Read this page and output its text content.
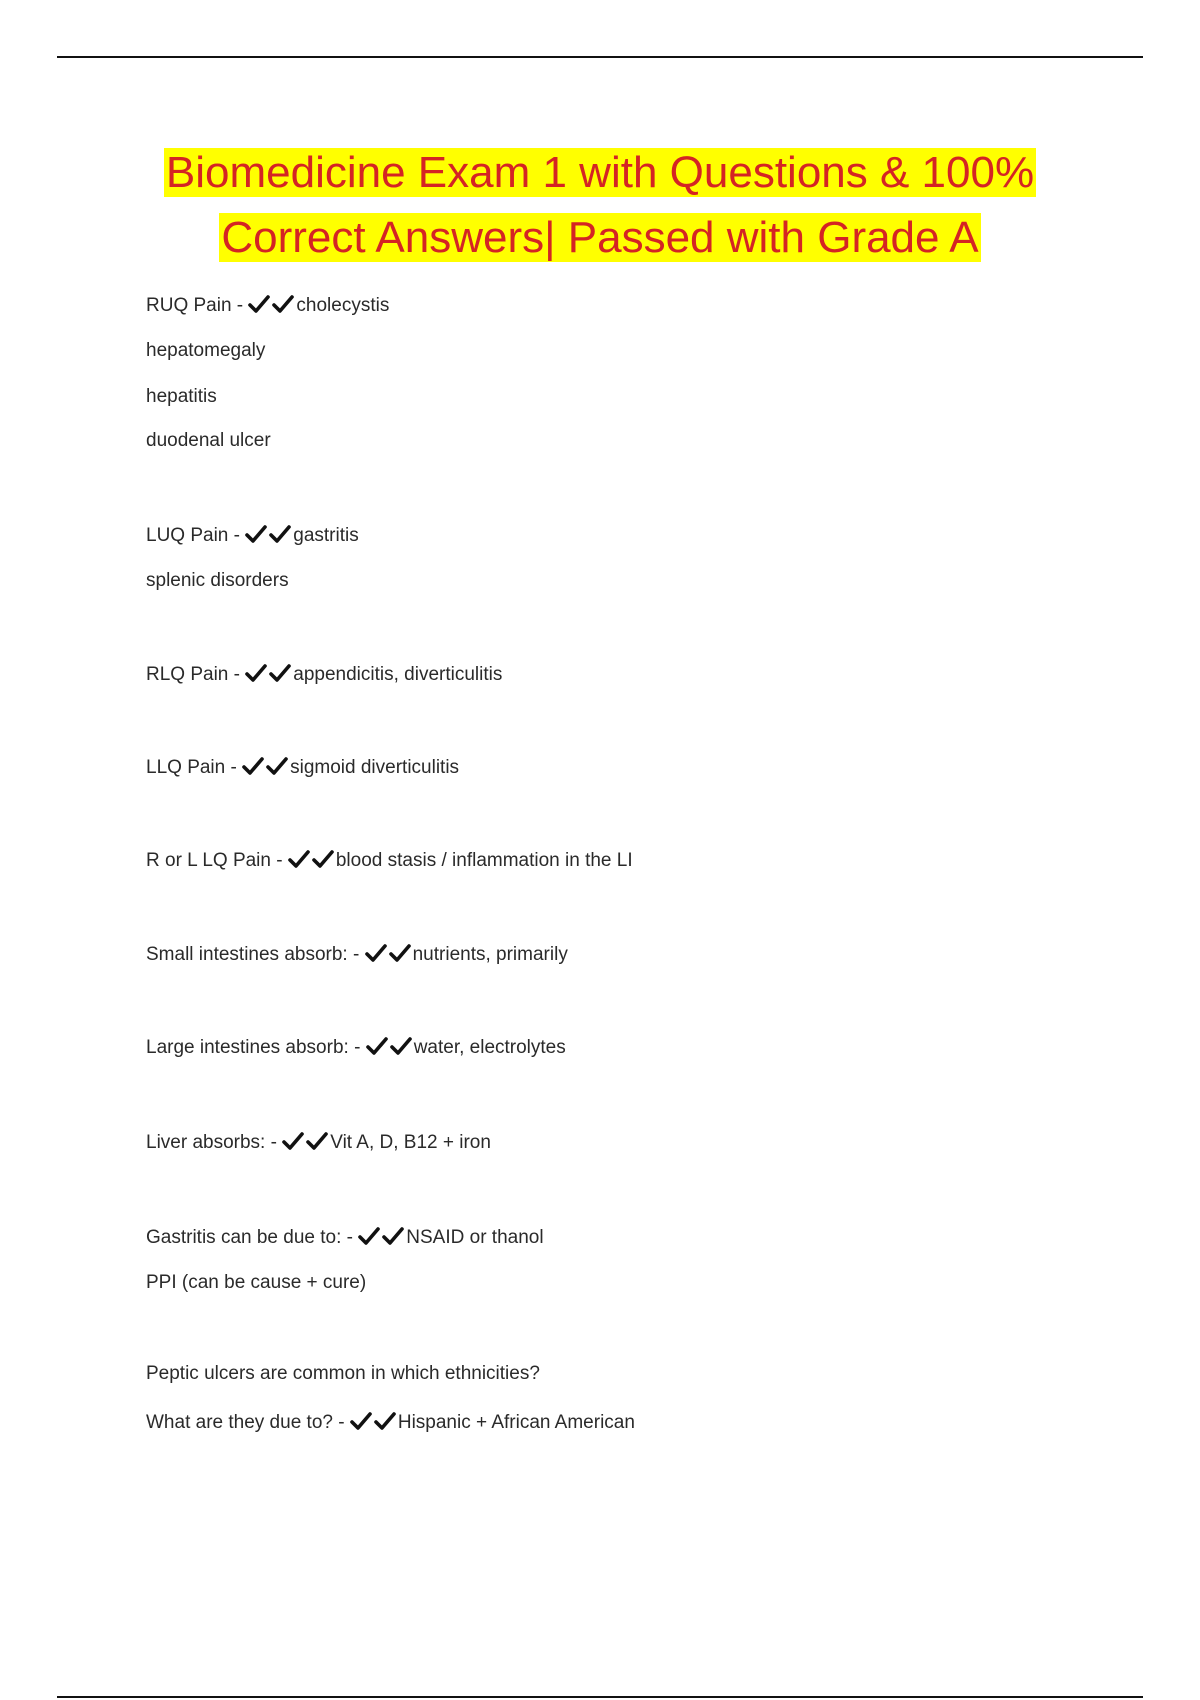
Biomedicine Exam 1 with Questions & 100%
Correct Answers| Passed with Grade A
RUQ Pain -	cholecystis
hepatomegaly
hepatitis
duodenal ulcer
LUQ Pain -	gastritis
splenic disorders
RLQ Pain -	appendicitis, diverticulitis
LLQ Pain -	sigmoid diverticulitis
R or L LQ Pain -	blood stasis / inflammation in the LI
Small intestines absorb: -	nutrients, primarily
Large intestines absorb: -	water, electrolytes
Liver absorbs: -	Vit A, D, B12 + iron
Gastritis can be due to: -	NSAID or thanol
PPI (can be cause + cure)
Peptic ulcers are common in which ethnicities?
What are they due to? -	Hispanic + African American
